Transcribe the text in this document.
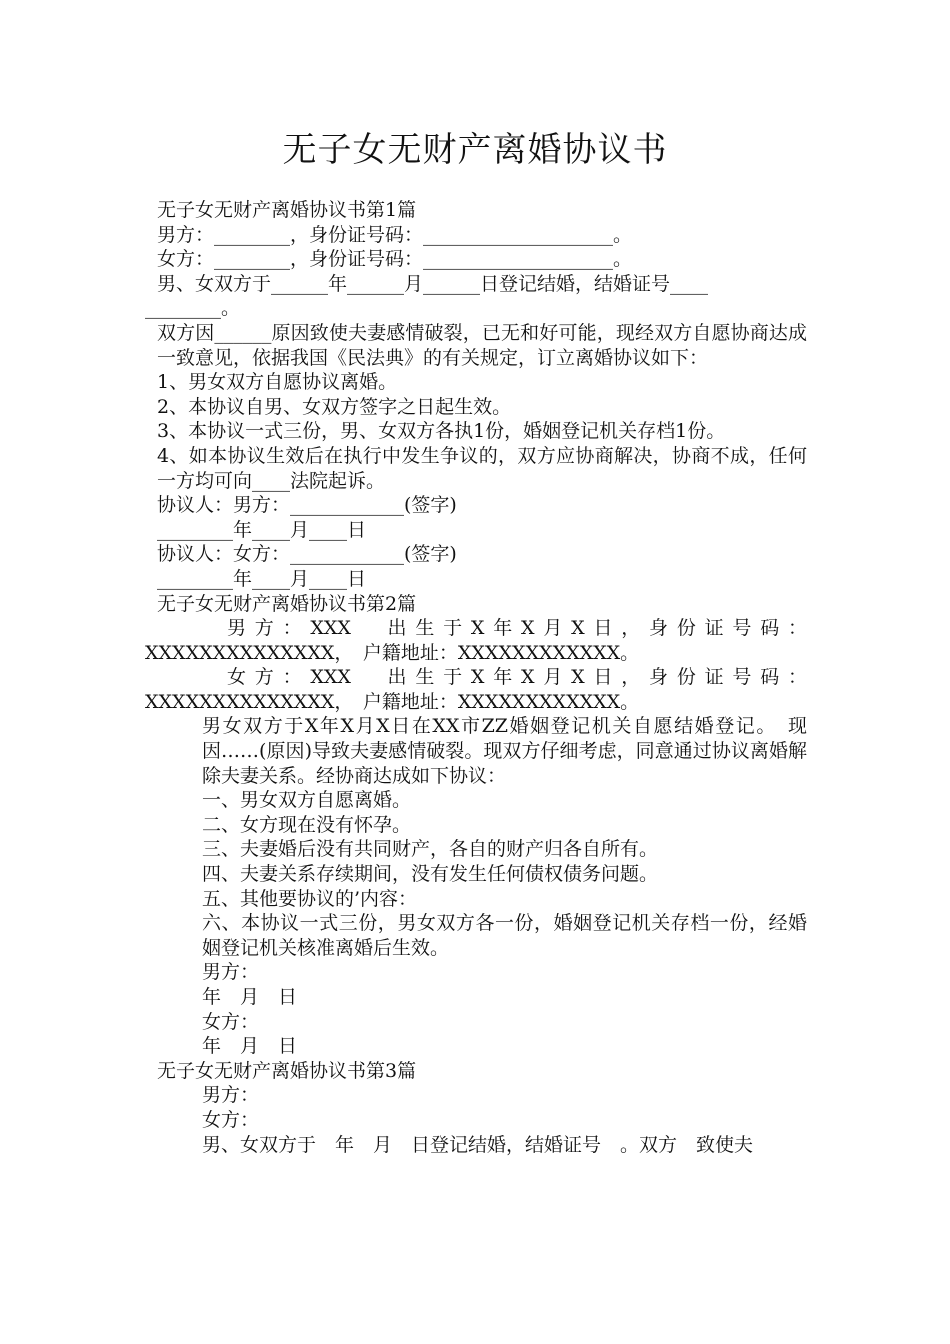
无子女无财产离婚协议书

无子女无财产离婚协议书第1篇

男方：________，身份证号码：____________________。

女方：________，身份证号码：____________________。

男、女双方于______年______月______日登记结婚，结婚证号____

________。

双方因______原因致使夫妻感情破裂，已无和好可能，现经双方自愿协商达成一致意见，依据我国《民法典》的有关规定，订立离婚协议如下：

1、男女双方自愿协议离婚。

2、本协议自男、女双方签字之日起生效。

3、本协议一式三份，男、女双方各执1份，婚姻登记机关存档1份。

4、如本协议生效后在执行中发生争议的，双方应协商解决，协商不成，任何一方均可向____法院起诉。

协议人：男方：____________(签字)

________年____月____日

协议人：女方：____________(签字)

________年____月____日

无子女无财产离婚协议书第2篇

男方：XXX　出生于X年X月X日，身份证号码：

XXXXXXXXXXXXXX，　户籍地址：XXXXXXXXXXXX。

女方：XXX　出生于X年X月X日，身份证号码：

XXXXXXXXXXXXXX，　户籍地址：XXXXXXXXXXXX。

男女双方于X年X月X日在XX市ZZ婚姻登记机关自愿结婚登记。　现因……(原因)导致夫妻感情破裂。现双方仔细考虑，同意通过协议离婚解除夫妻关系。经协商达成如下协议：

一、男女双方自愿离婚。

二、女方现在没有怀孕。

三、夫妻婚后没有共同财产，各自的财产归各自所有。

四、夫妻关系存续期间，没有发生任何债权债务问题。

五、其他要协议的’内容：

六、本协议一式三份，男女双方各一份，婚姻登记机关存档一份，经婚姻登记机关核准离婚后生效。

男方：

年　月　日

女方：

年　月　日

无子女无财产离婚协议书第3篇

男方：

女方：

男、女双方于　年　月　日登记结婚，结婚证号　。双方　致使夫
